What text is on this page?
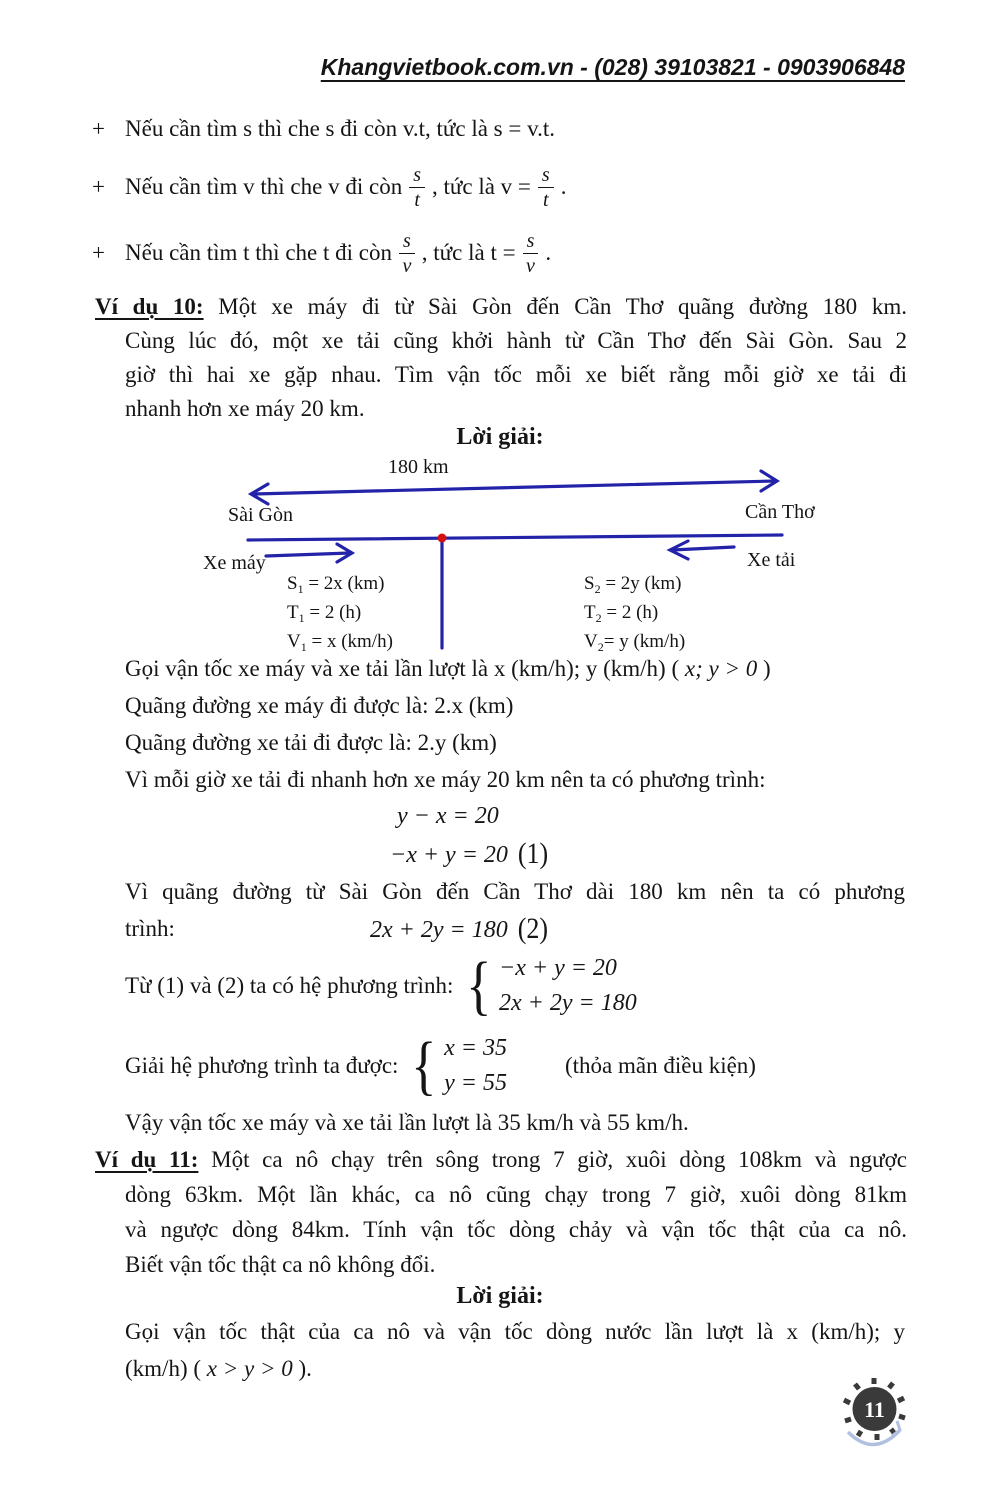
Khangvietbook.com.vn - (028) 39103821 - 0903906848
+ Nếu cần tìm s thì che s đi còn v.t, tức là s = v.t.
+ Nếu cần tìm v thì che v đi còn $\frac{s}{t}$ , tức là $v = \frac{s}{t}$ .
+ Nếu cần tìm t thì che t đi còn $\frac{s}{v}$ , tức là $t = \frac{s}{v}$ .
Ví dụ 10: Một xe máy đi từ Sài Gòn đến Cần Thơ quãng đường 180 km.
Cùng lúc đó, một xe tải cũng khởi hành từ Cần Thơ đến Sài Gòn. Sau 2
giờ thì hai xe gặp nhau. Tìm vận tốc mỗi xe biết rằng mỗi giờ xe tải đi
nhanh hơn xe máy 20 km.
Lời giải:
180 km
Sài Gòn	Cần Thơ
Xe máy	Xe tải
$S_1 = 2x$ (km)
$T_1 = 2$ (h)
$V_1 = x$ (km/h)
$S_2 = 2y$ (km)
$T_2 = 2$ (h)
$V_2= y$ (km/h)
Gọi vận tốc xe máy và xe tải lần lượt là x (km/h); y (km/h) ( x; y > 0 )
Quãng đường xe máy đi được là: 2.x (km)
Quãng đường xe tải đi được là: 2.y (km)
Vì mỗi giờ xe tải đi nhanh hơn xe máy 20 km nên ta có phương trình:
y − x = 20
−x + y = 20 (1)
Vì quãng đường từ Sài Gòn đến Cần Thơ dài 180 km nên ta có phương
trình:	2x + 2y = 180 (2)
Từ (1) và (2) ta có hệ phương trình: { −x + y = 20
2x + 2y = 180
Giải hệ phương trình ta được: { x = 35
y = 55
(thỏa mãn điều kiện)
Vậy vận tốc xe máy và xe tải lần lượt là 35 km/h và 55 km/h.
Ví dụ 11: Một ca nô chạy trên sông trong 7 giờ, xuôi dòng 108km và ngược
dòng 63km. Một lần khác, ca nô cũng chạy trong 7 giờ, xuôi dòng 81km
và ngược dòng 84km. Tính vận tốc dòng chảy và vận tốc thật của ca nô.
Biết vận tốc thật ca nô không đổi.
Lời giải:
Gọi vận tốc thật của ca nô và vận tốc dòng nước lần lượt là x (km/h); y
(km/h) ( x > y > 0 ).
11
